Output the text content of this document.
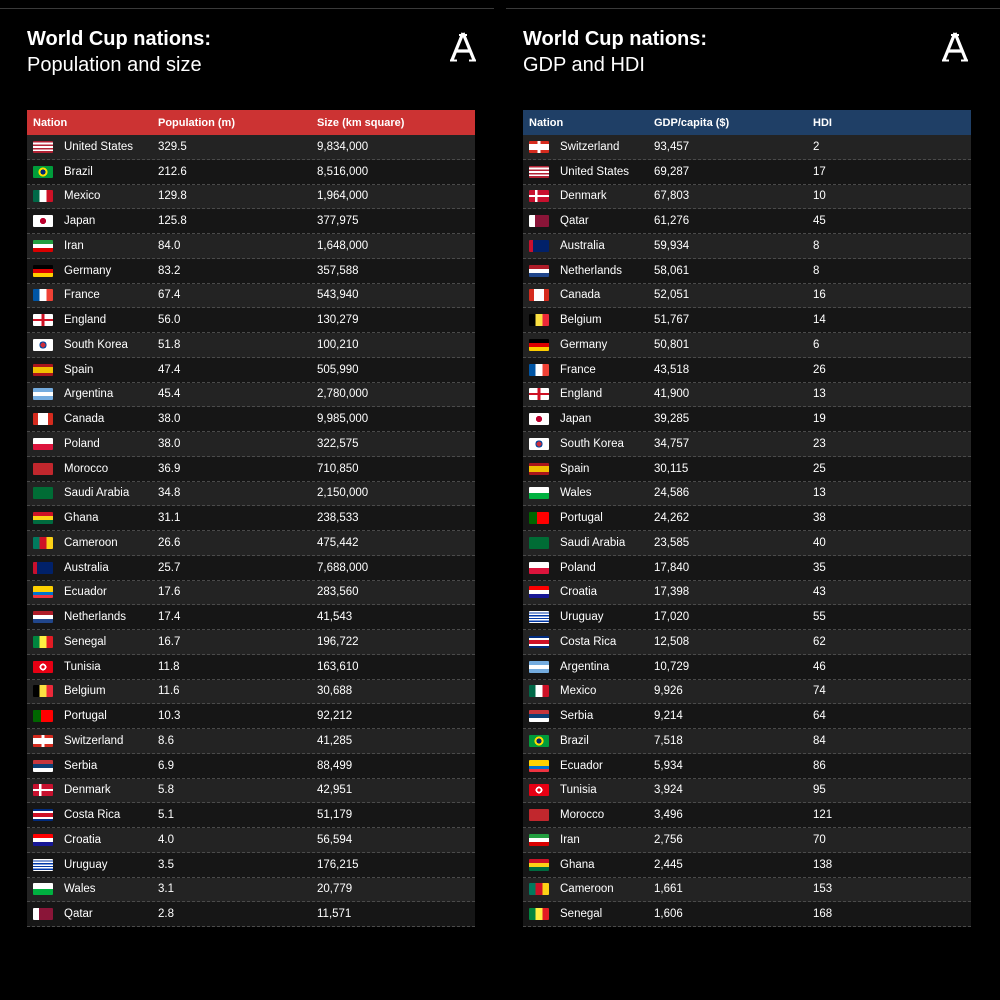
World Cup nations:
Population and size
Nation	Population (m)	Size (km square)
United States 329.5	9,834,000
Brazil	212.6	8,516,000
Mexico	129.8	1,964,000
Japan	125.8	377,975
Iran	84.0	1,648,000
Germany	83.2	357,588
France	67.4	543,940
England	56.0	130,279
South Korea	51.8	100,210
Spain	47.4	505,990
Argentina	45.4	2,780,000
Canada	38.0	9,985,000
Poland	38.0	322,575
Morocco	36.9	710,850
Saudi Arabia	34.8	2,150,000
Ghana	31.1	238,533
Cameroon	26.6	475,442
Australia	25.7	7,688,000
Ecuador	17.6	283,560
Netherlands	17.4	41,543
Senegal	16.7	196,722
Tunisia	11.8	163,610
Belgium	11.6	30,688
Portugal	10.3	92,212
Switzerland	8.6	41,285
Serbia	6.9	88,499
Denmark	5.8	42,951
Costa Rica	5.1	51,179
Croatia	4.0	56,594
Uruguay	3.5	176,215
Wales	3.1	20,779
Qatar	2.8	11,571
World Cup nations:
GDP and HDI
Nation	GDP/capita ($)	HDI
Switzerland	93,457	2
United States 69,287	17
Denmark	67,803	10
Qatar	61,276	45
Australia	59,934	8
Netherlands	58,061	8
Canada	52,051	16
Belgium	51,767	14
Germany	50,801	6
France	43,518	26
England	41,900	13
Japan	39,285	19
South Korea	34,757	23
Spain	30,115	25
Wales	24,586	13
Portugal	24,262	38
Saudi Arabia	23,585	40
Poland	17,840	35
Croatia	17,398	43
Uruguay	17,020	55
Costa Rica	12,508	62
Argentina	10,729	46
Mexico	9,926	74
Serbia	9,214	64
Brazil	7,518	84
Ecuador	5,934	86
Tunisia	3,924	95
Morocco	3,496	121
Iran	2,756	70
Ghana	2,445	138
Cameroon	1,661	153
Senegal	1,606	168
